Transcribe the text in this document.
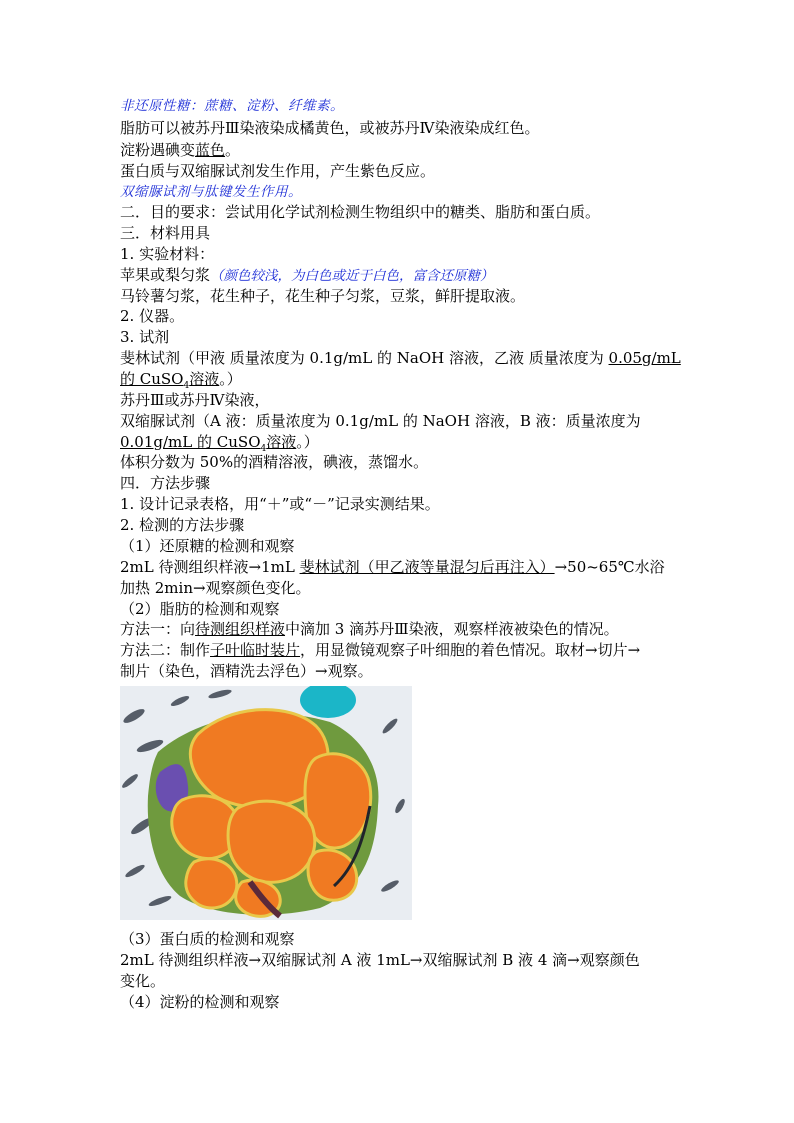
非还原性糖：蔗糖、淀粉、纤维素。
脂肪可以被苏丹Ⅲ染液染成橘黄色，或被苏丹Ⅳ染液染成红色。
淀粉遇碘变蓝色。
蛋白质与双缩脲试剂发生作用，产生紫色反应。
双缩脲试剂与肽键发生作用。
二．目的要求：尝试用化学试剂检测生物组织中的糖类、脂肪和蛋白质。
三．材料用具
1. 实验材料：
苹果或梨匀浆（颜色较浅，为白色或近于白色，富含还原糖）
马铃薯匀浆，花生种子，花生种子匀浆，豆浆，鲜肝提取液。
2. 仪器。
3. 试剂
斐林试剂（甲液 质量浓度为 0.1g/mL 的 NaOH 溶液，乙液 质量浓度为 0.05g/mL
的 CuSO$_4$溶液。）
苏丹Ⅲ或苏丹Ⅳ染液，
双缩脲试剂（A 液：质量浓度为 0.1g/mL 的 NaOH 溶液，B 液：质量浓度为
0.01g/mL 的 CuSO$_4$溶液。）
体积分数为 50%的酒精溶液，碘液，蒸馏水。
四．方法步骤
1. 设计记录表格，用“＋”或“－”记录实测结果。
2. 检测的方法步骤
（1）还原糖的检测和观察
2mL 待测组织样液→1mL 斐林试剂（甲乙液等量混匀后再注入）→50~65℃水浴
加热 2min→观察颜色变化。
（2）脂肪的检测和观察
方法一：向待测组织样液中滴加 3 滴苏丹Ⅲ染液，观察样液被染色的情况。
方法二：制作子叶临时装片，用显微镜观察子叶细胞的着色情况。取材→切片→
制片（染色，酒精洗去浮色）→观察。
（3）蛋白质的检测和观察
2mL 待测组织样液→双缩脲试剂 A 液 1mL→双缩脲试剂 B 液 4 滴→观察颜色
变化。
（4）淀粉的检测和观察
